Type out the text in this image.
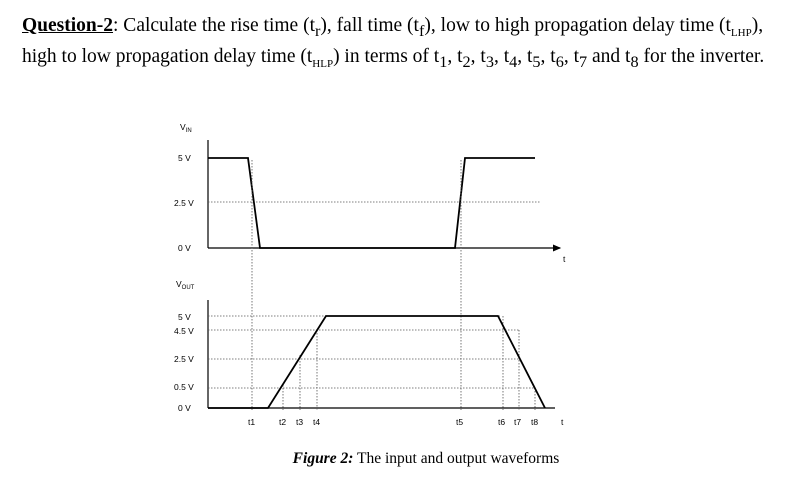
Question-2: Calculate the rise time $(t_r)$, fall time $(t_f)$, low to high propagation delay time $(t_{LHP})$, high to low propagation delay time $(t_{HLP})$ in terms of $t_1$, $t_2$, $t_3$, $t_4$, $t_5$, $t_6$, $t_7$ and $t_8$ for the inverter.
$V_{IN}$
t
5 V
2.5 V
0 V
$V_{OUT}$
5 V
4.5 V
2.5 V
0.5 V
0 V
t1	t2 t3 t4	t5	t6 t7 t8	t
Figure 2: The input and output waveforms
